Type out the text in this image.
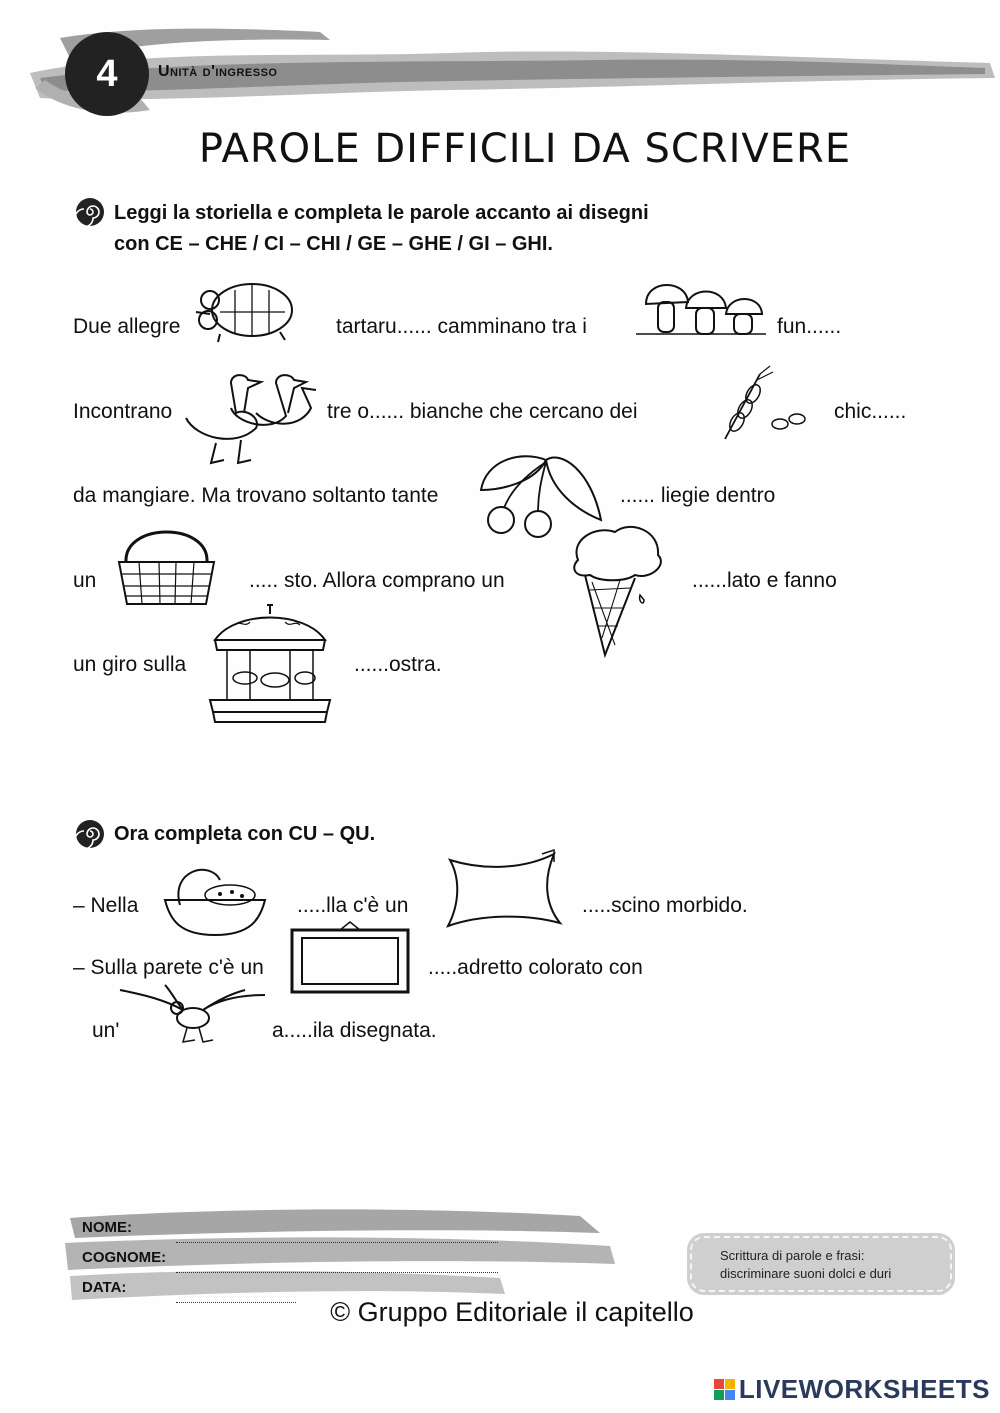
4	Unità d'ingresso
PAROLE DIFFICILI DA SCRIVERE
Leggi la storiella e completa le parole accanto ai disegni
con CE – CHE / CI – CHI / GE – GHE / GI – GHI.
Due allegre	tartaru...... camminano tra i	fun......
Incontrano	tre o...... bianche che cercano dei	chic......
da mangiare. Ma trovano soltanto tante	...... liegie dentro
un	..... sto. Allora comprano un	......lato e fanno
un giro sulla	......ostra.
Ora completa con CU – QU.
– Nella	.....lla c'è un	.....scino morbido.
– Sulla parete c'è un	.....adretto colorato con
un'	a.....ila disegnata.
NOME:
COGNOME:
DATA:
Scrittura di parole e frasi:
discriminare suoni dolci e duri
© Gruppo Editoriale il capitello
LIVEWORKSHEETS
